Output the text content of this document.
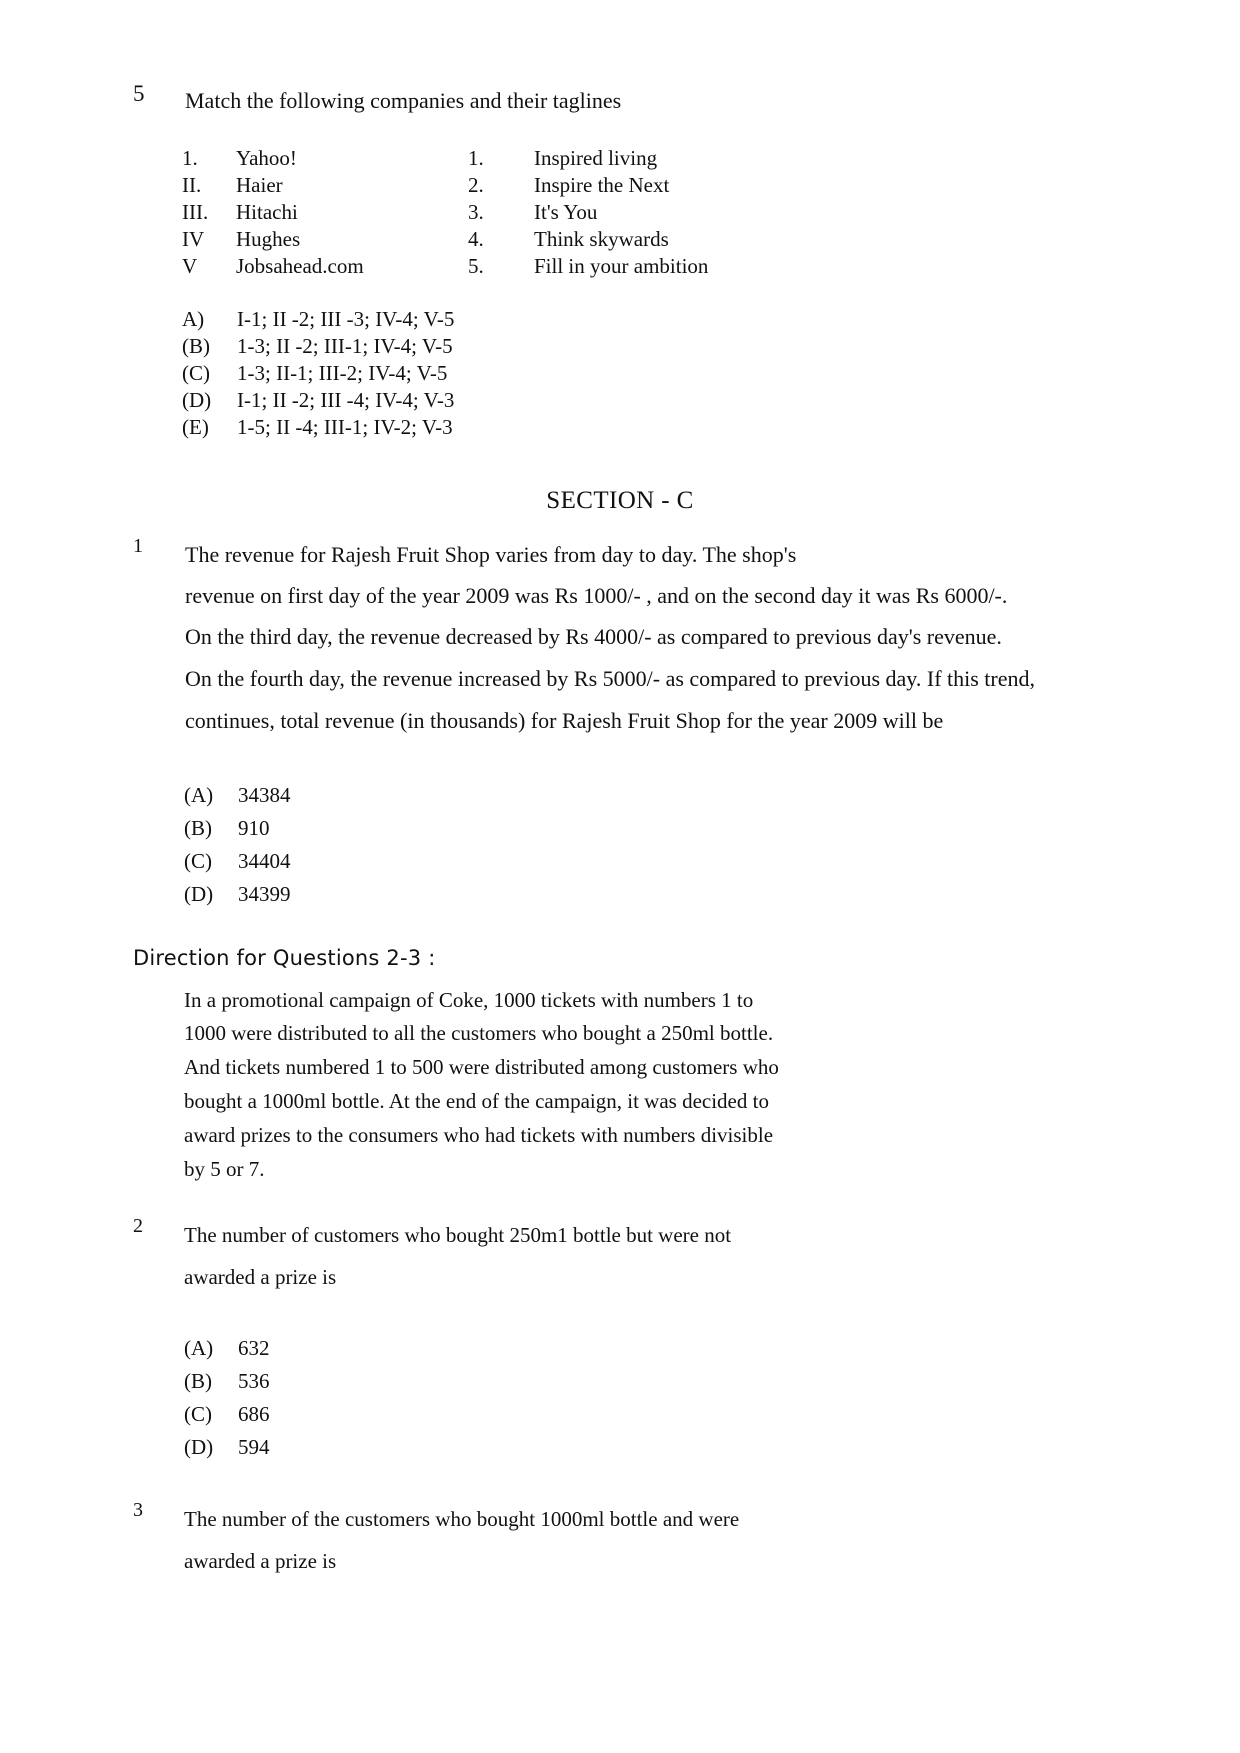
5 Match the following companies and their taglines
1.	Yahoo!	1.	Inspired living
II.	Haier	2.	Inspire the Next
III.	Hitachi	3.	It's You
IV	Hughes	4.	Think skywards
V	Jobsahead.com	5.	Fill in your ambition
A)	I-1; II -2; III -3; IV-4; V-5
(B)	1-3; II -2; III-1; IV-4; V-5
(C)	1-3; II-1; III-2; IV-4; V-5
(D)	I-1; II -2; III -4; IV-4; V-3
(E)	1-5; II -4; III-1; IV-2; V-3
SECTION - C
1 The revenue for Rajesh Fruit Shop varies from day to day. The shop's
revenue on first day of the year 2009 was Rs 1000/- , and on the second day it was Rs 6000/-.
On the third day, the revenue decreased by Rs 4000/- as compared to previous day's revenue.
On the fourth day, the revenue increased by Rs 5000/- as compared to previous day. If this trend,
continues, total revenue (in thousands) for Rajesh Fruit Shop for the year 2009 will be
(A)	34384
(B)	910
(C)	34404
(D)	34399
Direction for Questions 2-3 :
In a promotional campaign of Coke, 1000 tickets with numbers 1 to
1000 were distributed to all the customers who bought a 250ml bottle.
And tickets numbered 1 to 500 were distributed among customers who
bought a 1000ml bottle. At the end of the campaign, it was decided to
award prizes to the consumers who had tickets with numbers divisible
by 5 or 7.
2 The number of customers who bought 250m1 bottle but were not
awarded a prize is
(A)	632
(B)	536
(C)	686
(D)	594
3 The number of the customers who bought 1000ml bottle and were
awarded a prize is
